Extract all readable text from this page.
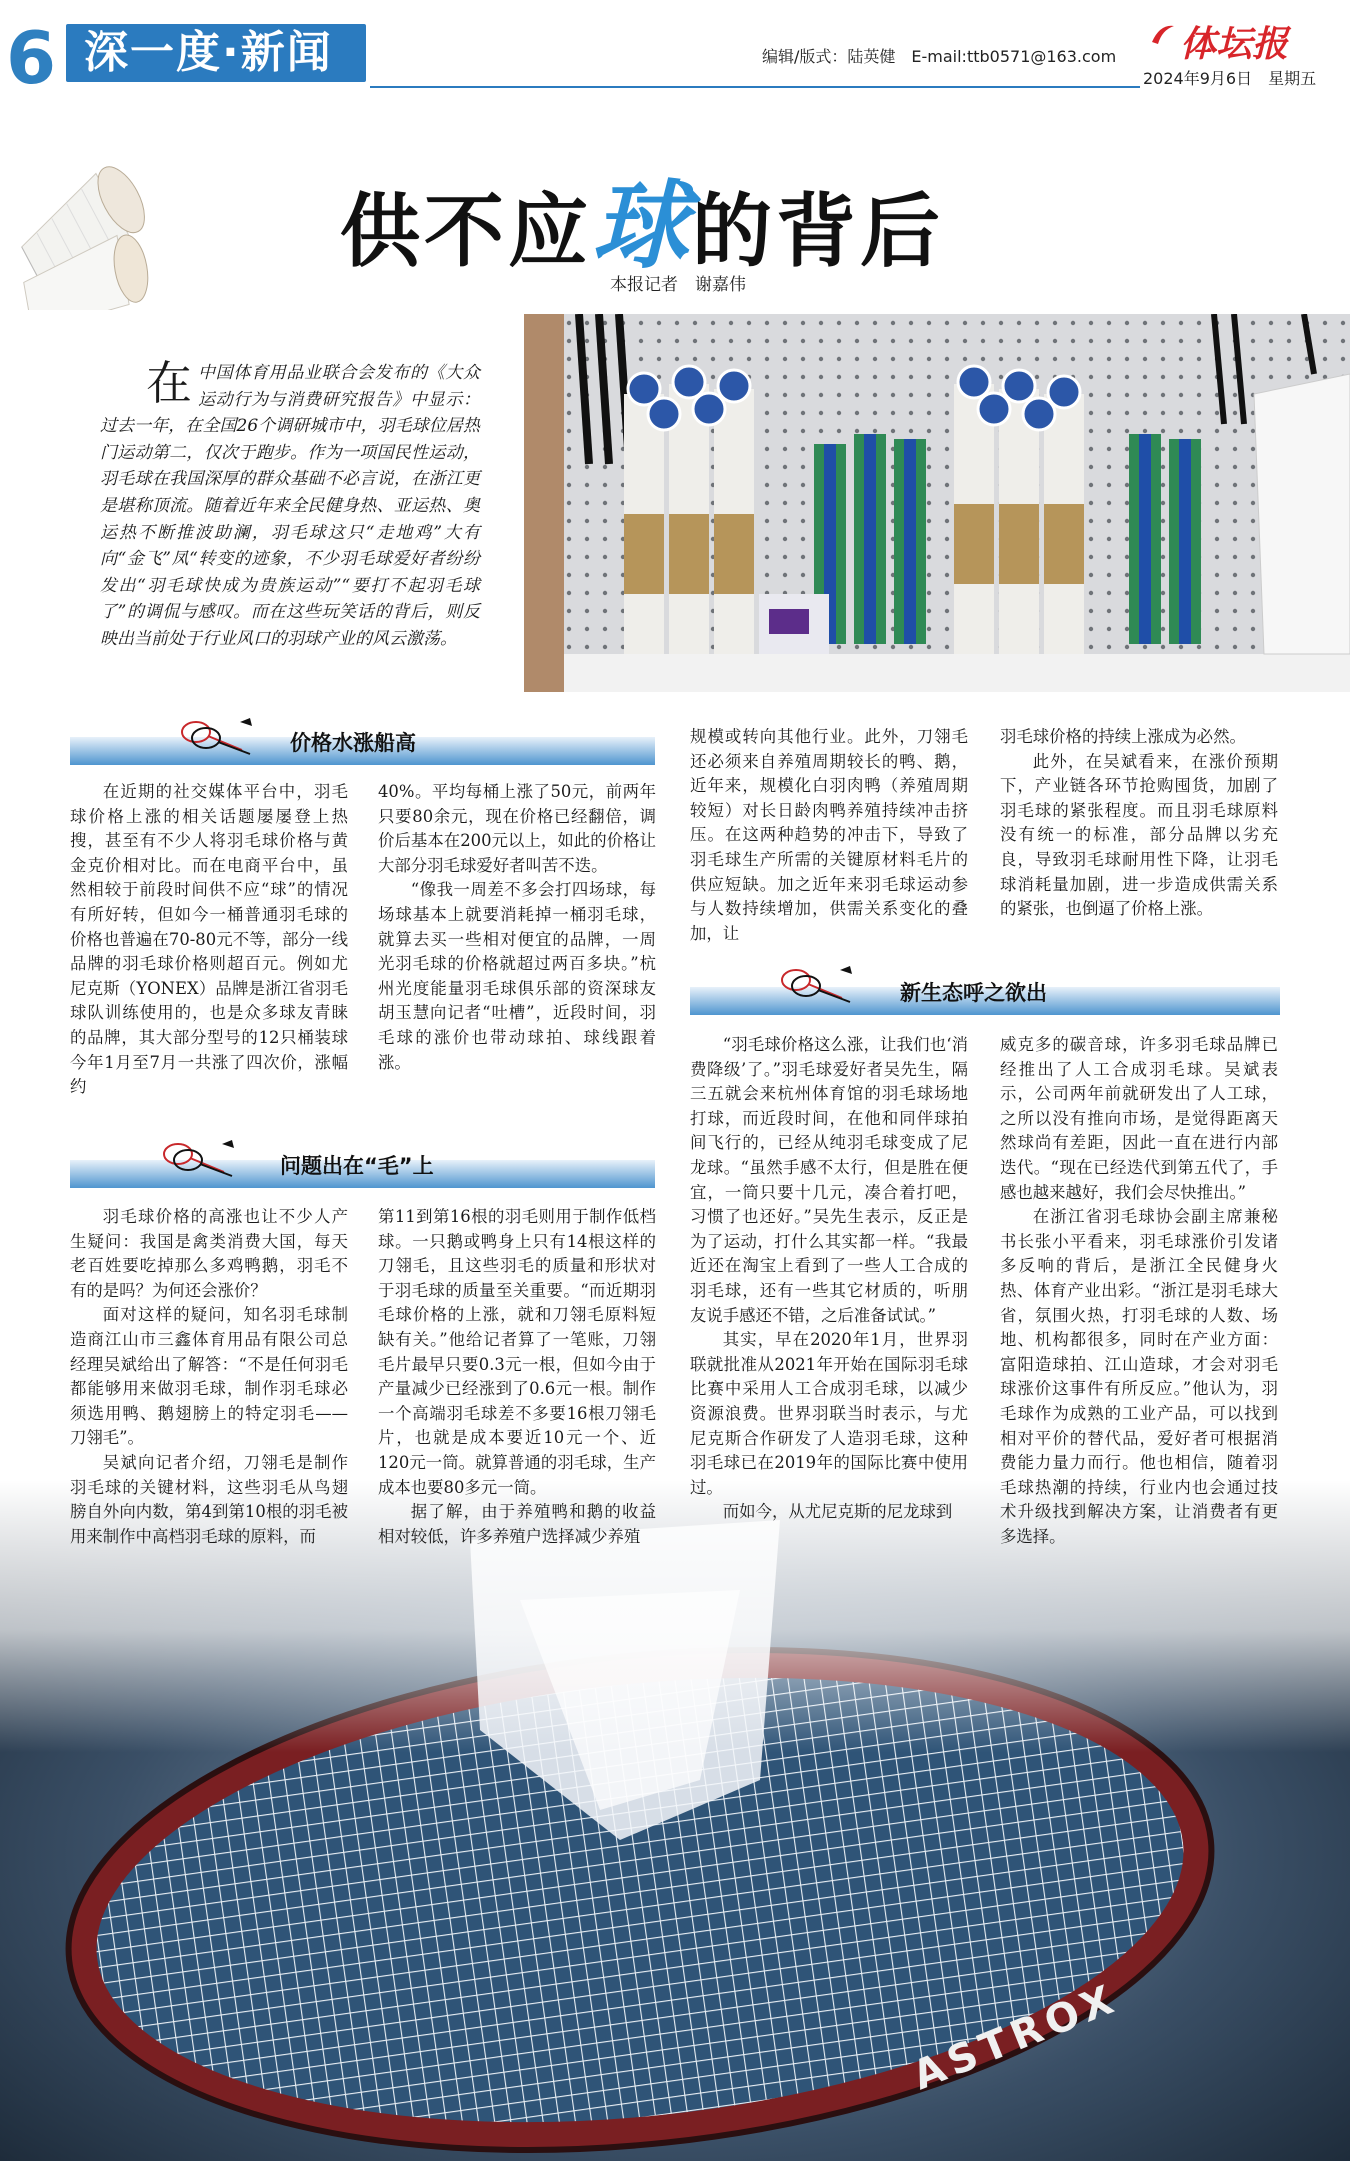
6 深一度·新闻	编辑/版式：陆英健　E-mail:ttb0571@163.com 体坛报
2024年9月6日　星期五
供不应球的背后
本报记者　谢嘉伟
在中国体育用品业联合会发布的《大众运动行为与消费研究报告》中显示：过去一年，在全国26个调研城市中，羽毛球位居热门运动第二，仅次于跑步。作为一项国民性运动，羽毛球在我国深厚的群众基础不必言说，在浙江更是堪称顶流。随着近年来全民健身热、亚运热、奥运热不断推波助澜，羽毛球这只“走地鸡”大有向“金飞”凤“转变的迹象，不少羽毛球爱好者纷纷发出“羽毛球快成为贵族运动”“要打不起羽毛球了”的调侃与感叹。而在这些玩笑话的背后，则反映出当前处于行业风口的羽球产业的风云激荡。
价格水涨船高
问题出在“毛”上
新生态呼之欲出

在近期的社交媒体平台中，羽毛球价格上涨的相关话题屡屡登上热搜，甚至有不少人将羽毛球价格与黄金克价相对比。而在电商平台中，虽然相较于前段时间供不应“球”的情况有所好转，但如今一桶普通羽毛球的价格也普遍在70-80元不等，部分一线品牌的羽毛球价格则超百元。例如尤尼克斯（YONEX）品牌是浙江省羽毛球队训练使用的，也是众多球友青睐的品牌，其大部分型号的12只桶装球今年1月至7月一共涨了四次价，涨幅约

40%。平均每桶上涨了50元，前两年只要80余元，现在价格已经翻倍，调价后基本在200元以上，如此的价格让大部分羽毛球爱好者叫苦不迭。

“像我一周差不多会打四场球，每场球基本上就要消耗掉一桶羽毛球，就算去买一些相对便宜的品牌，一周光羽毛球的价格就超过两百多块。”杭州光度能量羽毛球俱乐部的资深球友胡玉慧向记者“吐槽”，近段时间，羽毛球的涨价也带动球拍、球线跟着涨。

规模或转向其他行业。此外，刀翎毛还必须来自养殖周期较长的鸭、鹅，近年来，规模化白羽肉鸭（养殖周期较短）对长日龄肉鸭养殖持续冲击挤压。在这两种趋势的冲击下，导致了羽毛球生产所需的关键原材料毛片的供应短缺。加之近年来羽毛球运动参与人数持续增加，供需关系变化的叠加，让

羽毛球价格的持续上涨成为必然。

此外，在吴斌看来，在涨价预期下，产业链各环节抢购囤货，加剧了羽毛球的紧张程度。而且羽毛球原料没有统一的标准，部分品牌以劣充良，导致羽毛球耐用性下降，让羽毛球消耗量加剧，进一步造成供需关系的紧张，也倒逼了价格上涨。

羽毛球价格的高涨也让不少人产生疑问：我国是禽类消费大国，每天老百姓要吃掉那么多鸡鸭鹅，羽毛不有的是吗？为何还会涨价？

面对这样的疑问，知名羽毛球制造商江山市三鑫体育用品有限公司总经理吴斌给出了解答：“不是任何羽毛都能够用来做羽毛球，制作羽毛球必须选用鸭、鹅翅膀上的特定羽毛——刀翎毛”。

吴斌向记者介绍，刀翎毛是制作羽毛球的关键材料，这些羽毛从鸟翅膀自外向内数，第4到第10根的羽毛被用来制作中高档羽毛球的原料，而

第11到第16根的羽毛则用于制作低档球。一只鹅或鸭身上只有14根这样的刀翎毛，且这些羽毛的质量和形状对于羽毛球的质量至关重要。“而近期羽毛球价格的上涨，就和刀翎毛原料短缺有关。”他给记者算了一笔账，刀翎毛片最早只要0.3元一根，但如今由于产量减少已经涨到了0.6元一根。制作一个高端羽毛球差不多要16根刀翎毛片，也就是成本要近10元一个、近120元一筒。就算普通的羽毛球，生产成本也要80多元一筒。

据了解，由于养殖鸭和鹅的收益相对较低，许多养殖户选择减少养殖

“羽毛球价格这么涨，让我们也‘消费降级’了。”羽毛球爱好者吴先生，隔三五就会来杭州体育馆的羽毛球场地打球，而近段时间，在他和同伴球拍间飞行的，已经从纯羽毛球变成了尼龙球。“虽然手感不太行，但是胜在便宜，一筒只要十几元，凑合着打吧，习惯了也还好。”吴先生表示，反正是为了运动，打什么其实都一样。“我最近还在淘宝上看到了一些人工合成的羽毛球，还有一些其它材质的，听朋友说手感还不错，之后准备试试。”

其实，早在2020年1月，世界羽联就批准从2021年开始在国际羽毛球比赛中采用人工合成羽毛球，以减少资源浪费。世界羽联当时表示，与尤尼克斯合作研发了人造羽毛球，这种羽毛球已在2019年的国际比赛中使用过。

而如今，从尤尼克斯的尼龙球到

威克多的碳音球，许多羽毛球品牌已经推出了人工合成羽毛球。吴斌表示，公司两年前就研发出了人工球，之所以没有推向市场，是觉得距离天然球尚有差距，因此一直在进行内部迭代。“现在已经迭代到第五代了，手感也越来越好，我们会尽快推出。”

在浙江省羽毛球协会副主席兼秘书长张小平看来，羽毛球涨价引发诸多反响的背后，是浙江全民健身火热、体育产业出彩。“浙江是羽毛球大省，氛围火热，打羽毛球的人数、场地、机构都很多，同时在产业方面：富阳造球拍、江山造球，才会对羽毛球涨价这事件有所反应。”他认为，羽毛球作为成熟的工业产品，可以找到相对平价的替代品，爱好者可根据消费能力量力而行。他也相信，随着羽毛球热潮的持续，行业内也会通过技术升级找到解决方案，让消费者有更多选择。
